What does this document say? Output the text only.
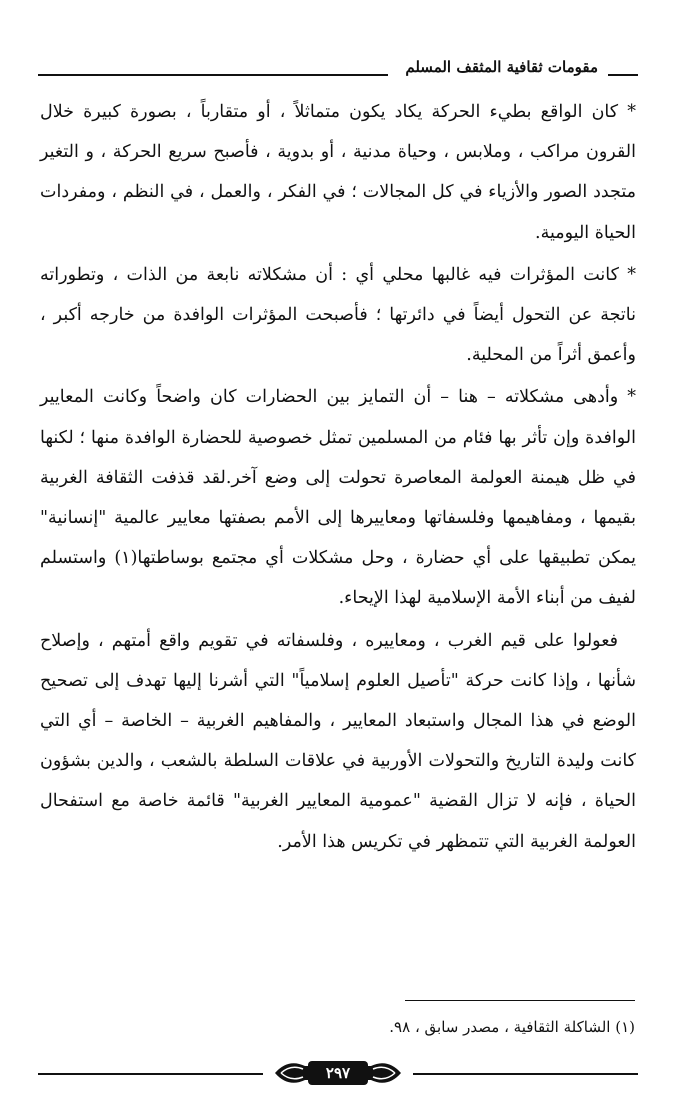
مقومات ثقافية المثقف المسلم

* كان الواقع بطيء الحركة يكاد يكون متماثلاً ، أو متقارباً ، بصورة كبيرة خلال القرون مراكب ، وملابس ، وحياة مدنية ، أو بدوية ، فأصبح سريع الحركة ، و التغير متجدد الصور والأزياء في كل المجالات ؛ في الفكر ، والعمل ، في النظم ، ومفردات الحياة اليومية.

* كانت المؤثرات فيه غالبها محلي أي : أن مشكلاته نابعة من الذات ، وتطوراته ناتجة عن التحول أيضاً في دائرتها ؛ فأصبحت المؤثرات الوافدة من خارجه أكبر ، وأعمق أثراً من المحلية.

* وأدهى مشكلاته – هنا – أن التمايز بين الحضارات كان واضحاً وكانت المعايير الوافدة وإن تأثر بها فئام من المسلمين تمثل خصوصية للحضارة الوافدة منها ؛ لكنها في ظل هيمنة العولمة المعاصرة تحولت إلى وضع آخر.لقد قذفت الثقافة الغربية بقيمها ، ومفاهيمها وفلسفاتها ومعاييرها إلى الأمم بصفتها معايير عالمية "إنسانية" يمكن تطبيقها على أي حضارة ، وحل مشكلات أي مجتمع بوساطتها(١) واستسلم لفيف من أبناء الأمة الإسلامية لهذا الإيحاء.

فعولوا على قيم الغرب ، ومعاييره ، وفلسفاته في تقويم واقع أمتهم ، وإصلاح شأنها ، وإذا كانت حركة "تأصيل العلوم إسلامياً" التي أشرنا إليها تهدف إلى تصحيح الوضع في هذا المجال واستبعاد المعايير ، والمفاهيم الغربية – الخاصة – أي التي كانت وليدة التاريخ والتحولات الأوربية في علاقات السلطة بالشعب ، والدين بشؤون الحياة ، فإنه لا تزال القضية "عمومية المعايير الغربية" قائمة خاصة مع استفحال العولمة الغربية التي تتمظهر في تكريس هذا الأمر.

(١) الشاكلة الثقافية ، مصدر سابق ، ٩٨.
٢٩٧
